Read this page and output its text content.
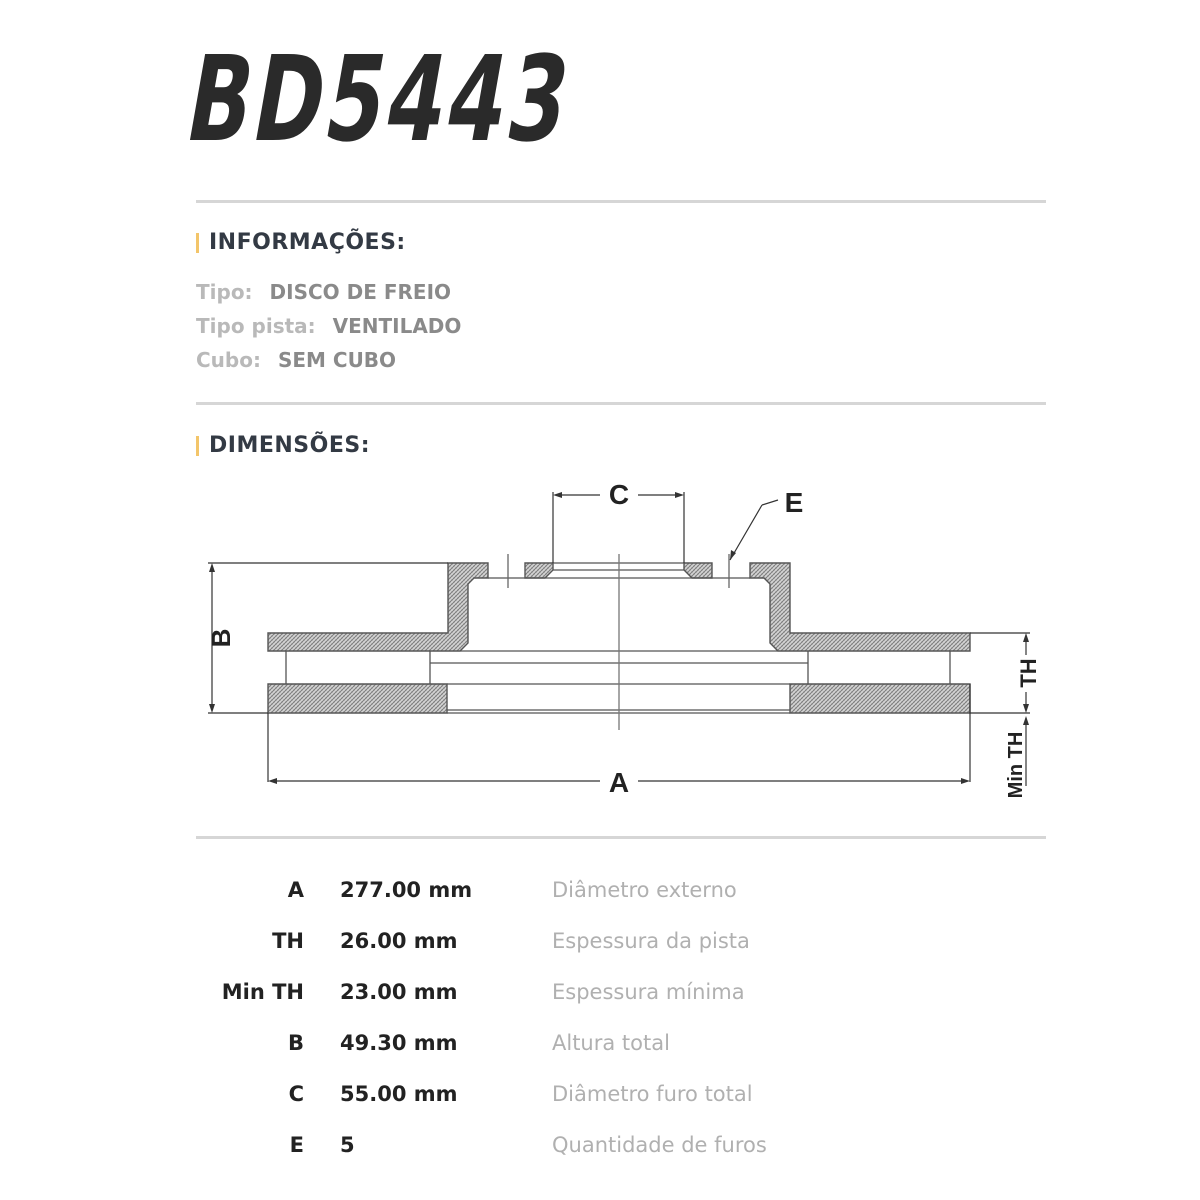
BD5443
INFORMAÇÕES:
Tipo: DISCO DE FREIO
Tipo pista: VENTILADO
Cubo: SEM CUBO
DIMENSÕES:
C	E
A
B
TH
Min TH
A 277.00 mm	Diâmetro externo
TH 26.00 mm	Espessura da pista
Min TH 23.00 mm	Espessura mínima
B 49.30 mm	Altura total
C 55.00 mm	Diâmetro furo total
E 5	Quantidade de furos
